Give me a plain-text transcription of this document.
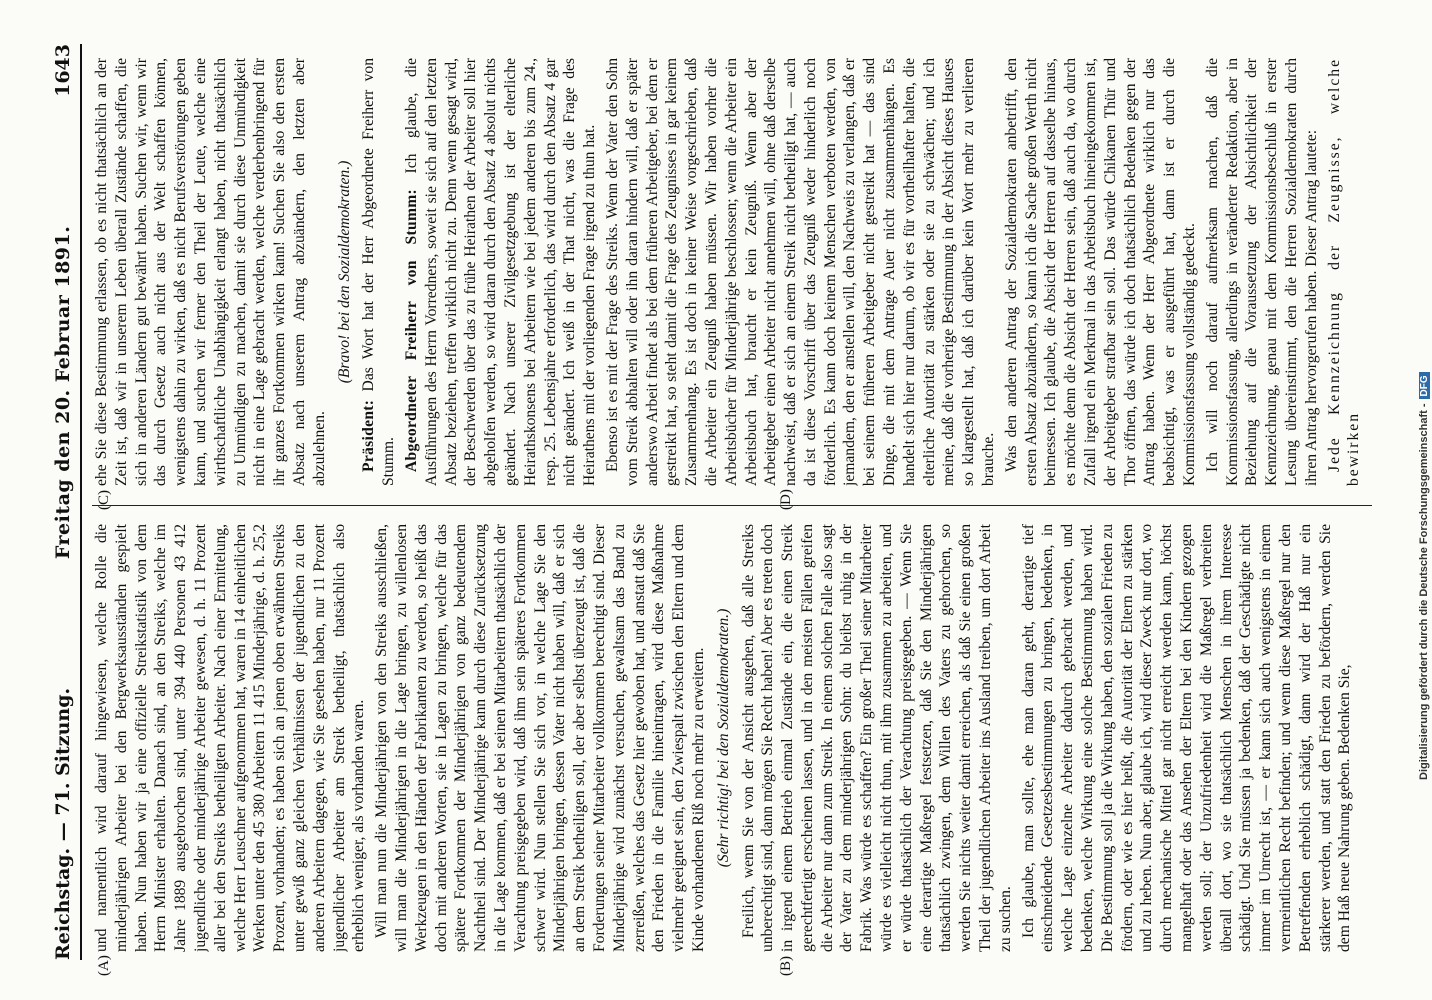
Reichstag. — 71. Sitzung.
Freitag den 20. Februar 1891.
1643
(A)	(B)
(C)	(D)

und namentlich wird darauf hingewiesen, welche Rolle die minderjährigen Arbeiter bei den Bergwerksausständen gespielt haben. Nun haben wir ja eine offizielle Streikstatistik von dem Herrn Minister erhalten. Danach sind, an den Streiks, welche im Jahre 1889 ausgebrochen sind, unter 394 440 Personen 43 412 jugendliche oder minderjährige Arbeiter gewesen, d. h. 11 Prozent aller bei den Streiks betheiligten Arbeiter. Nach einer Ermittelung, welche Herr Leuschner aufgenommen hat, waren in 14 einheitlichen Werken unter den 45 380 Arbeitern 11 415 Minderjährige, d. h. 25,2 Prozent, vorhanden; es haben sich an jenen oben erwähnten Streiks unter gewiß ganz gleichen Verhältnissen der jugendlichen zu den anderen Arbeitern dagegen, wie Sie gesehen haben, nur 11 Prozent jugendlicher Arbeiter am Streik betheiligt, thatsächlich also erheblich weniger, als vorhanden waren. Will man nun die Minderjährigen von den Streiks ausschließen, will man die Minderjährigen in die Lage bringen, zu willenlosen Werkzeugen in den Händen der Fabrikanten zu werden, so heißt das doch mit anderen Worten, sie in Lagen zu bringen, welche für das spätere Fortkommen der Minderjährigen von ganz bedeutendem Nachtheil sind. Der Minderjährige kann durch diese Zurücksetzung in die Lage kommen, daß er bei seinen Mitarbeitern thatsächlich der Verachtung preisgegeben wird, daß ihm sein späteres Fortkommen schwer wird. Nun stellen Sie sich vor, in welche Lage Sie den Minderjährigen bringen, dessen Vater nicht haben will, daß er sich an dem Streik betheiligen soll, der aber selbst überzeugt ist, daß die Forderungen seiner Mitarbeiter vollkommen berechtigt sind. Dieser Minderjährige wird zunächst versuchen, gewaltsam das Band zu zerreißen, welches das Gesetz hier gewoben hat, und anstatt daß Sie den Frieden in die Familie hineintragen, wird diese Maßnahme vielmehr geeignet sein, den Zwiespalt zwischen den Eltern und dem Kinde vorhandenen Riß noch mehr zu erweitern. (Sehr richtig! bei den Sozialdemokraten.) Freilich, wenn Sie von der Ansicht ausgehen, daß alle Streiks unberechtigt sind, dann mögen Sie Recht haben! Aber es treten doch in irgend einem Betrieb einmal Zustände ein, die einen Streik gerechtfertigt erscheinen lassen, und in den meisten Fällen greifen die Arbeiter nur dann zum Streik. In einem solchen Falle also sagt der Vater zu dem minderjährigen Sohn: du bleibst ruhig in der Fabrik. Was würde es schaffen? Ein großer Theil seiner Mitarbeiter würde es vielleicht nicht thun, mit ihm zusammen zu arbeiten, und er würde thatsächlich der Verachtung preisgegeben. — Wenn Sie eine derartige Maßregel festsetzen, daß Sie den Minderjährigen thatsächlich zwingen, dem Willen des Vaters zu gehorchen, so werden Sie nichts weiter damit erreichen, als daß Sie einen großen Theil der jugendlichen Arbeiter ins Ausland treiben, um dort Arbeit zu suchen. Ich glaube, man sollte, ehe man daran geht, derartige tief einschneidende Gesetzesbestimmungen zu bringen, bedenken, in welche Lage einzelne Arbeiter dadurch gebracht werden, und bedenken, welche Wirkung eine solche Bestimmung haben wird. Die Bestimmung soll ja die Wirkung haben, den sozialen Frieden zu fördern, oder wie es hier heißt, die Autorität der Eltern zu stärken und zu heben. Nun aber, glaube ich, wird dieser Zweck nur dort, wo durch mechanische Mittel gar nicht erreicht werden kann, höchst mangelhaft oder das Ansehen der Eltern bei den Kindern gezogen werden soll; der Unzufriedenheit wird die Maßregel verbreiten überall dort, wo sie thatsächlich Menschen in ihrem Interesse schädigt. Und Sie müssen ja bedenken, daß der Geschädigte nicht immer im Unrecht ist, — er kann sich auch wenigstens in einem vermeintlichen Recht befinden; und wenn diese Maßregel nur den Betreffenden erheblich schädigt, dann wird der Haß nur ein stärkerer werden, und statt den Frieden zu befördern, werden Sie dem Haß neue Nahrung geben. Bedenken Sie,

ehe Sie diese Bestimmung erlassen, ob es nicht thatsächlich an der Zeit ist, daß wir in unserem Leben überall Zustände schaffen, die sich in anderen Ländern gut bewährt haben. Suchen wir, wenn wir das durch Gesetz auch nicht aus der Welt schaffen können, wenigstens dahin zu wirken, daß es nicht Berufsverstörungen geben kann, und suchen wir ferner den Theil der Leute, welche eine wirthschaftliche Unabhängigkeit erlangt haben, nicht thatsächlich zu Unmündigen zu machen, damit sie durch diese Unmündigkeit nicht in eine Lage gebracht werden, welche verderbenbringend für ihr ganzes Fortkommen wirken kann! Suchen Sie also den ersten Absatz nach unserem Antrag abzuändern, den letzten aber abzulehnen.

(Bravo! bei den Sozialdemokraten.)

Präsident: Das Wort hat der Herr Abgeordnete Freiherr von Stumm. Abgeordneter Freiherr von Stumm: Ich glaube, die Ausführungen des Herrn Vorredners, soweit sie sich auf den letzten Absatz beziehen, treffen wirklich nicht zu. Denn wenn gesagt wird, der Beschwerden über das zu frühe Heirathen der Arbeiter soll hier abgeholfen werden, so wird daran durch den Absatz 4 absolut nichts geändert. Nach unserer Zivilgesetzgebung ist der elterliche Heirathskonsens bei Arbeitern wie bei jedem anderen bis zum 24., resp. 25. Lebensjahre erforderlich, das wird durch den Absatz 4 gar nicht geändert. Ich weiß in der That nicht, was die Frage des Heirathens mit der vorliegenden Frage irgend zu thun hat. Ebenso ist es mit der Frage des Streiks. Wenn der Vater den Sohn vom Streik abhalten will oder ihn daran hindern will, daß er später anderswo Arbeit findet als bei dem früheren Arbeitgeber, bei dem er gestreikt hat, so steht damit die Frage des Zeugnisses in gar keinem Zusammenhang. Es ist doch in keiner Weise vorgeschrieben, daß die Arbeiter ein Zeugniß haben müssen. Wir haben vorher die Arbeitsbücher für Minderjährige beschlossen; wenn die Arbeiter ein Arbeitsbuch hat, braucht er kein Zeugniß. Wenn aber der Arbeitgeber einen Arbeiter nicht annehmen will, ohne daß derselbe nachweist, daß er sich an einem Streik nicht betheiligt hat, — auch da ist diese Vorschrift über das Zeugniß weder hinderlich noch förderlich. Es kann doch keinem Menschen verboten werden, von jemandem, den er anstellen will, den Nachweis zu verlangen, daß er bei seinem früheren Arbeitgeber nicht gestreikt hat — das sind Dinge, die mit dem Antrage Auer nicht zusammenhängen. Es handelt sich hier nur darum, ob wir es für vortheilhafter halten, die elterliche Autorität zu stärken oder sie zu schwächen; und ich meine, daß die vorherige Bestimmung in der Absicht dieses Hauses so klargestellt hat, daß ich darüber kein Wort mehr zu verlieren brauche. Was den anderen Antrag der Sozialdemokraten anbetrifft, den ersten Absatz abzuändern, so kann ich die Sache großen Werth nicht beimessen. Ich glaube, die Absicht der Herren auf dasselbe hinaus, es möchte denn die Absicht der Herren sein, daß auch da, wo durch Zufall irgend ein Merkmal in das Arbeitsbuch hineingekommen ist, der Arbeitgeber strafbar sein soll. Das würde Chikanen Thür und Thor öffnen, das würde ich doch thatsächlich Bedenken gegen der Antrag haben. Wenn der Herr Abgeordnete wirklich nur das beabsichtigt, was er ausgeführt hat, dann ist er durch die Kommissionsfassung vollständig gedeckt. Ich will noch darauf aufmerksam machen, daß die Kommissionsfassung, allerdings in veränderter Redaktion, aber in Beziehung auf die Voraussetzung der Absichtlichkeit der Kennzeichnung, genau mit dem Kommissionsbeschluß in erster Lesung übereinstimmt, den die Herren Sozialdemokraten durch ihren Antrag hervorgerufen haben. Dieser Antrag lautete: Jede Kennzeichnung der Zeugnisse, welche bewirken	Digitalisierung gefördert durch die Deutsche Forschungsgemeinschaft -DFG
